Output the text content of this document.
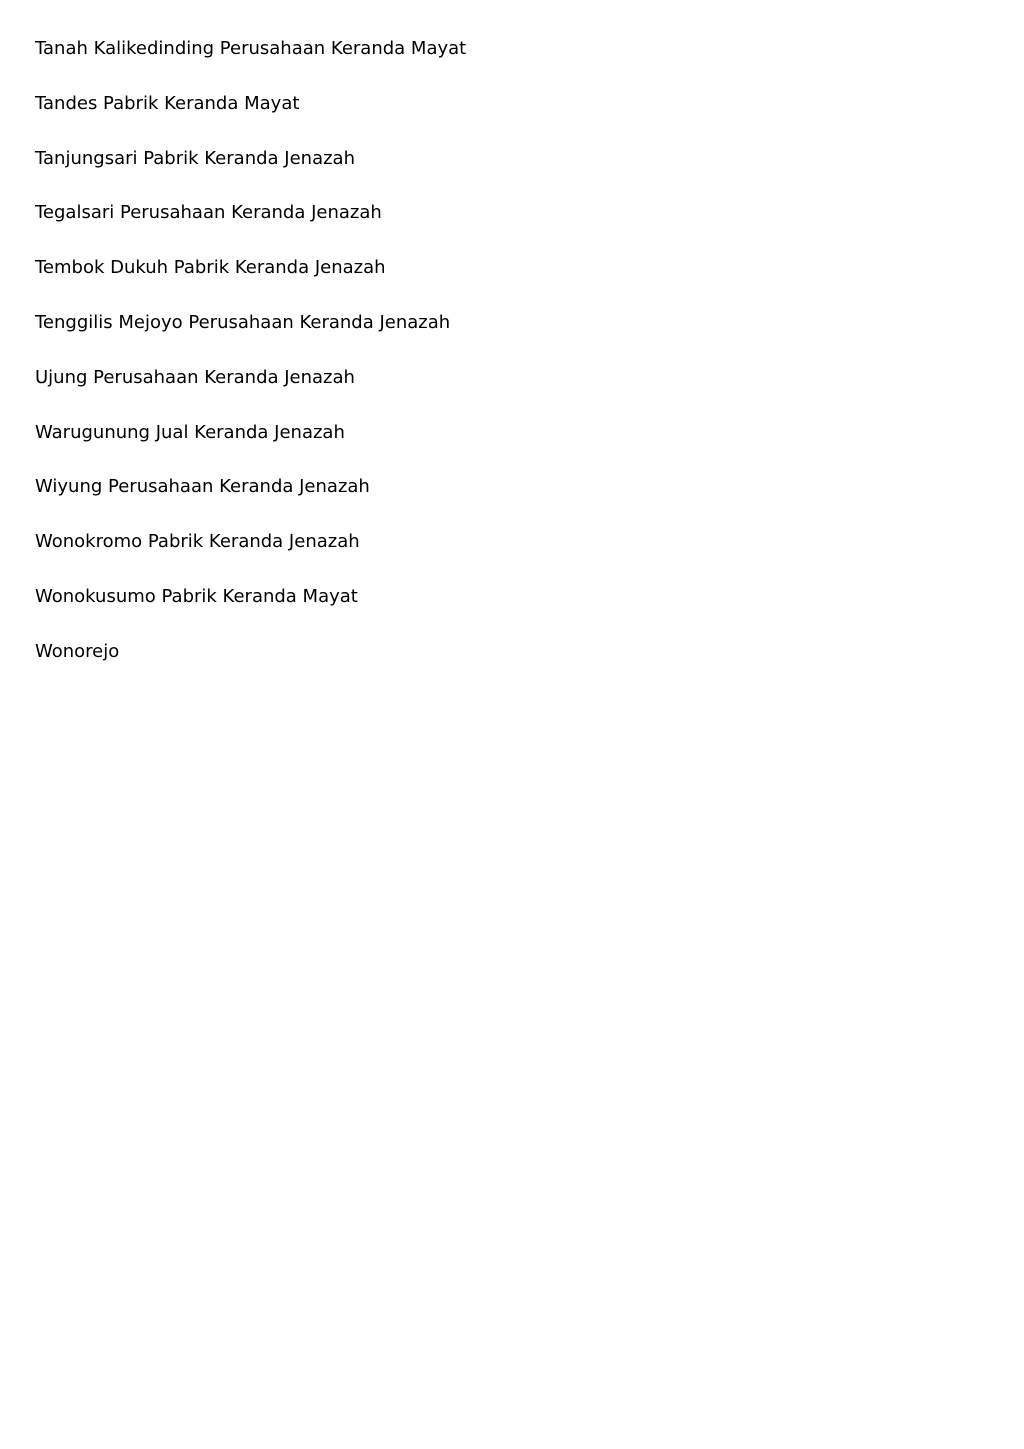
Tanah Kalikedinding Perusahaan Keranda Mayat
Tandes Pabrik Keranda Mayat
Tanjungsari Pabrik Keranda Jenazah
Tegalsari Perusahaan Keranda Jenazah
Tembok Dukuh Pabrik Keranda Jenazah
Tenggilis Mejoyo Perusahaan Keranda Jenazah
Ujung Perusahaan Keranda Jenazah
Warugunung Jual Keranda Jenazah
Wiyung Perusahaan Keranda Jenazah
Wonokromo Pabrik Keranda Jenazah
Wonokusumo Pabrik Keranda Mayat
Wonorejo
